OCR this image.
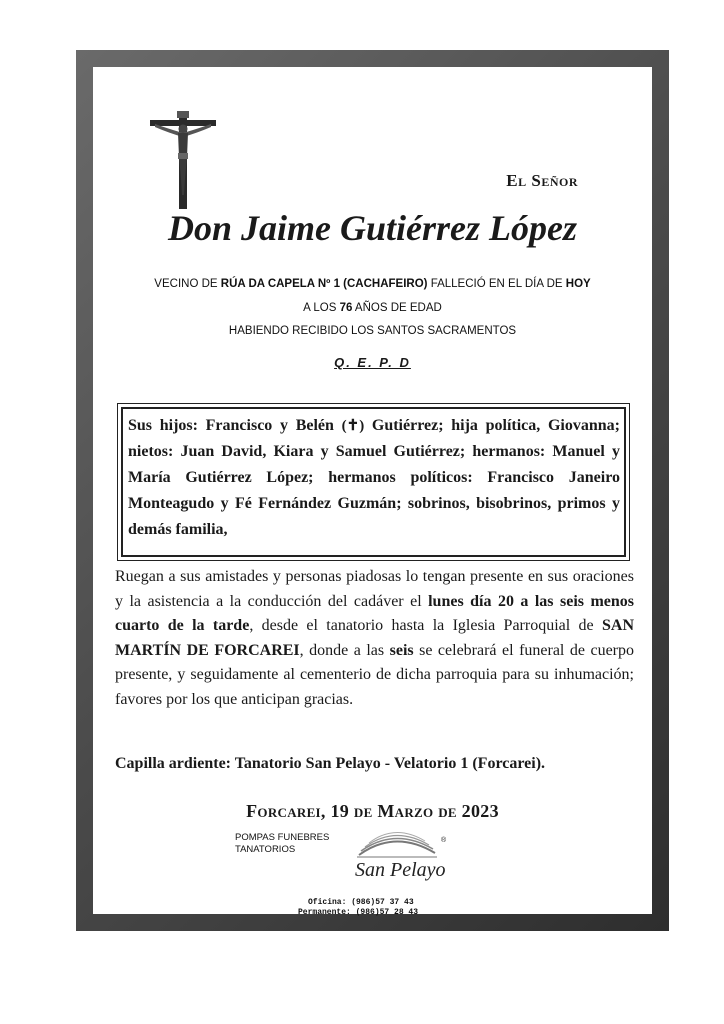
El Señor
Don Jaime Gutiérrez López
VECINO DE RÚA DA CAPELA Nº 1 (CACHAFEIRO) FALLECIÓ EN EL DÍA DE HOY
A LOS 76 AÑOS DE EDAD
HABIENDO RECIBIDO LOS SANTOS SACRAMENTOS
Q. E. P. D
Sus hijos: Francisco y Belén (✝) Gutiérrez; hija política, Giovanna; nietos: Juan David, Kiara y Samuel Gutiérrez; hermanos: Manuel y María Gutiérrez López; hermanos políticos: Francisco Janeiro Monteagudo y Fé Fernández Guzmán; sobrinos, bisobrinos, primos y demás familia,
Ruegan a sus amistades y personas piadosas lo tengan presente en sus oraciones y la asistencia a la conducción del cadáver el lunes día 20 a las seis menos cuarto de la tarde, desde el tanatorio hasta la Iglesia Parroquial de SAN MARTÍN DE FORCAREI, donde a las seis se celebrará el funeral de cuerpo presente, y seguidamente al cementerio de dicha parroquia para su inhumación; favores por los que anticipan gracias.
Capilla ardiente: Tanatorio San Pelayo - Velatorio 1 (Forcarei).
Forcarei, 19 de Marzo de 2023
POMPAS FUNEBRES
TANATORIOS
San Pelayo
®
Oficina: (986)57 37 43
Permanente: (986)57 28 43
